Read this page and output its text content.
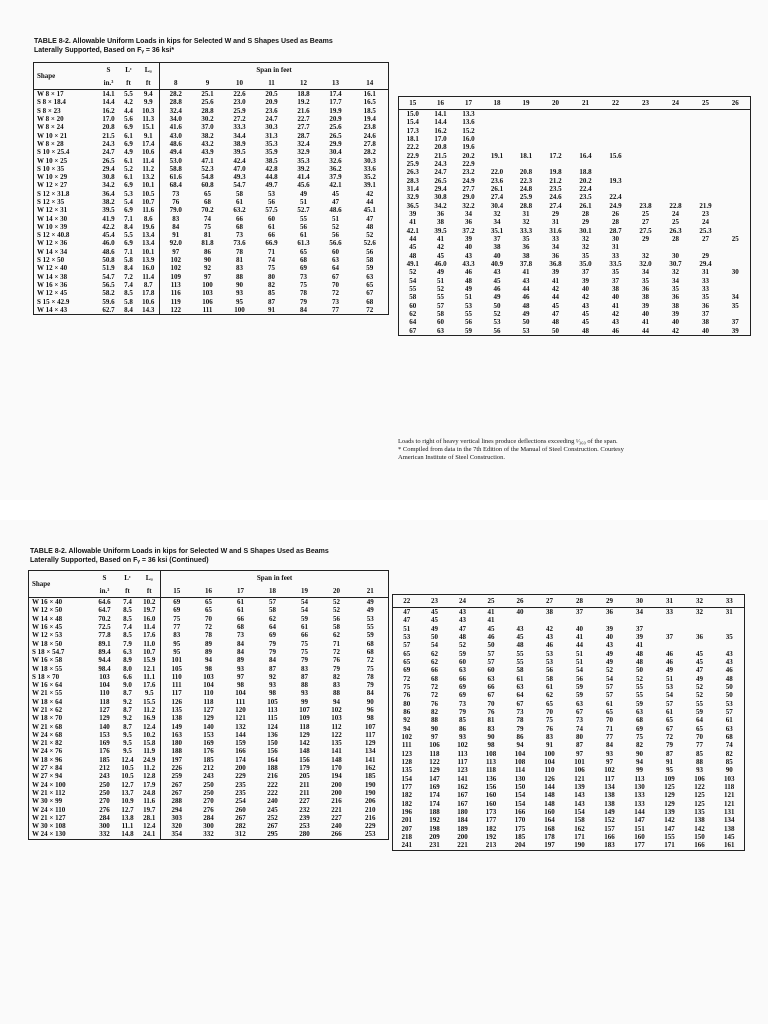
TABLE 8-2. Allowable Uniform Loads in kips for Selected W and S Shapes Used as Beams
Laterally Supported, Based on Fᵧ = 36 ksi*
Shape	S	Lᶜ	Lᵤ	Span in feet						
	in.³	ft	ft	8	9	10	11	12	13	14
W 8 × 17	14.1	5.5	9.4	28.2	25.1	22.6	20.5	18.8	17.4	16.1
S 8 × 18.4	14.4	4.2	9.9	28.8	25.6	23.0	20.9	19.2	17.7	16.5
S 8 × 23	16.2	4.4	10.3	32.4	28.8	25.9	23.6	21.6	19.9	18.5
W 8 × 20	17.0	5.6	11.3	34.0	30.2	27.2	24.7	22.7	20.9	19.4
W 8 × 24	20.8	6.9	15.1	41.6	37.0	33.3	30.3	27.7	25.6	23.8
W 10 × 21	21.5	6.1	9.1	43.0	38.2	34.4	31.3	28.7	26.5	24.6
W 8 × 28	24.3	6.9	17.4	48.6	43.2	38.9	35.3	32.4	29.9	27.8
S 10 × 25.4	24.7	4.9	10.6	49.4	43.9	39.5	35.9	32.9	30.4	28.2
W 10 × 25	26.5	6.1	11.4	53.0	47.1	42.4	38.5	35.3	32.6	30.3
S 10 × 35	29.4	5.2	11.2	58.8	52.3	47.0	42.8	39.2	36.2	33.6
W 10 × 29	30.8	6.1	13.2	61.6	54.8	49.3	44.8	41.4	37.9	35.2
W 12 × 27	34.2	6.9	10.1	68.4	60.8	54.7	49.7	45.6	42.1	39.1
S 12 × 31.8	36.4	5.3	10.5	73	65	58	53	49	45	42
S 12 × 35	38.2	5.4	10.7	76	68	61	56	51	47	44
W 12 × 31	39.5	6.9	11.6	79.0	70.2	63.2	57.5	52.7	48.6	45.1
W 14 × 30	41.9	7.1	8.6	83	74	66	60	55	51	47
W 10 × 39	42.2	8.4	19.6	84	75	68	61	56	52	48
S 12 × 40.8	45.4	5.5	13.4	91	81	73	66	61	56	52
W 12 × 36	46.0	6.9	13.4	92.0	81.8	73.6	66.9	61.3	56.6	52.6
W 14 × 34	48.6	7.1	10.1	97	86	78	71	65	60	56
S 12 × 50	50.8	5.8	13.9	102	90	81	74	68	63	58
W 12 × 40	51.9	8.4	16.0	102	92	83	75	69	64	59
W 14 × 38	54.7	7.2	11.4	109	97	88	80	73	67	63
W 16 × 36	56.5	7.4	8.7	113	100	90	82	75	70	65
W 12 × 45	58.2	8.5	17.8	116	103	93	85	78	72	67
S 15 × 42.9	59.6	5.8	10.6	119	106	95	87	79	73	68
W 14 × 43	62.7	8.4	14.3	122	111	100	91	84	77	72
15	16	17	18	19	20	21	22	23	24	25	26
15.0	14.1	13.3									
15.4	14.4	13.6									
17.3	16.2	15.2									
18.1	17.0	16.0									
22.2	20.8	19.6									
22.9	21.5	20.2	19.1	18.1	17.2	16.4	15.6				
25.9	24.3	22.9									
26.3	24.7	23.2	22.0	20.8	19.8	18.8					
28.3	26.5	24.9	23.6	22.3	21.2	20.2	19.3				
31.4	29.4	27.7	26.1	24.8	23.5	22.4					
32.9	30.8	29.0	27.4	25.9	24.6	23.5	22.4				
36.5	34.2	32.2	30.4	28.8	27.4	26.1	24.9	23.8	22.8	21.9	
39	36	34	32	31	29	28	26	25	24	23	
41	38	36	34	32	31	29	28	27	25	24	
42.1	39.5	37.2	35.1	33.3	31.6	30.1	28.7	27.5	26.3	25.3	
44	41	39	37	35	33	32	30	29	28	27	25
45	42	40	38	36	34	32	31				
48	45	43	40	38	36	35	33	32	30	29	
49.1	46.0	43.3	40.9	37.8	36.8	35.0	33.5	32.0	30.7	29.4	
52	49	46	43	41	39	37	35	34	32	31	30
54	51	48	45	43	41	39	37	35	34	33	
55	52	49	46	44	42	40	38	36	35	33	
58	55	51	49	46	44	42	40	38	36	35	34
60	57	53	50	48	45	43	41	39	38	36	35
62	58	55	52	49	47	45	42	40	39	37	
64	60	56	53	50	48	45	43	41	40	38	37
67	63	59	56	53	50	48	46	44	42	40	39
Loads to right of heavy vertical lines produce deflections exceeding ¹⁄₃₆₀ of the span.
* Compiled from data in the 7th Edition of the Manual of Steel Construction. Courtesy
American Institute of Steel Construction.
TABLE 8-2. Allowable Uniform Loads in kips for Selected W and S Shapes Used as Beams
Laterally Supported, Based on Fᵧ = 36 ksi (Continued)
Shape	S	Lᶜ	Lᵤ	Span in feet						
	in.³	ft	ft	15	16	17	18	19	20	21
W 16 × 40	64.6	7.4	10.2	69	65	61	57	54	52	49
W 12 × 50	64.7	8.5	19.7	69	65	61	58	54	52	49
W 14 × 48	70.2	8.5	16.0	75	70	66	62	59	56	53
W 16 × 45	72.5	7.4	11.4	77	72	68	64	61	58	55
W 12 × 53	77.8	8.5	17.6	83	78	73	69	66	62	59
W 18 × 50	89.1	7.9	11.0	95	89	84	79	75	71	68
S 18 × 54.7	89.4	6.3	10.7	95	89	84	79	75	72	68
W 16 × 58	94.4	8.9	15.9	101	94	89	84	79	76	72
W 18 × 55	98.4	8.0	12.1	105	98	93	87	83	79	75
S 18 × 70	103	6.6	11.1	110	103	97	92	87	82	78
W 16 × 64	104	9.0	17.6	111	104	98	93	88	83	79
W 21 × 55	110	8.7	9.5	117	110	104	98	93	88	84
W 18 × 64	118	9.2	15.5	126	118	111	105	99	94	90
W 21 × 62	127	8.7	11.2	135	127	120	113	107	102	96
W 18 × 70	129	9.2	16.9	138	129	121	115	109	103	98
W 21 × 68	140	8.7	12.4	149	140	132	124	118	112	107
W 24 × 68	153	9.5	10.2	163	153	144	136	129	122	117
W 21 × 82	169	9.5	15.8	180	169	159	150	142	135	129
W 24 × 76	176	9.5	11.9	188	176	166	156	148	141	134
W 18 × 96	185	12.4	24.9	197	185	174	164	156	148	141
W 27 × 84	212	10.5	11.2	226	212	200	188	179	170	162
W 27 × 94	243	10.5	12.8	259	243	229	216	205	194	185
W 24 × 100	250	12.7	17.9	267	250	235	222	211	200	190
W 21 × 112	250	13.7	24.8	267	250	235	222	211	200	190
W 30 × 99	270	10.9	11.6	288	270	254	240	227	216	206
W 24 × 110	276	12.7	19.7	294	276	260	245	232	221	210
W 21 × 127	284	13.8	28.1	303	284	267	252	239	227	216
W 30 × 108	300	11.1	12.4	320	300	282	267	253	240	229
W 24 × 130	332	14.8	24.1	354	332	312	295	280	266	253
22	23	24	25	26	27	28	29	30	31	32	33
47	45	43	41	40	38	37	36	34	33	32	31
47	45	43	41								
51	49	47	45	43	42	40	39	37			
53	50	48	46	45	43	41	40	39	37	36	35
57	54	52	50	48	46	44	43	41			
65	62	59	57	55	53	51	49	48	46	45	43
65	62	60	57	55	53	51	49	48	46	45	43
69	66	63	60	58	56	54	52	50	49	47	46
72	68	66	63	61	58	56	54	52	51	49	48
75	72	69	66	63	61	59	57	55	53	52	50
76	72	69	67	64	62	59	57	55	54	52	50
80	76	73	70	67	65	63	61	59	57	55	53
86	82	79	76	73	70	67	65	63	61	59	57
92	88	85	81	78	75	73	70	68	65	64	61
94	90	86	83	79	76	74	71	69	67	65	63
102	97	93	90	86	83	80	77	75	72	70	68
111	106	102	98	94	91	87	84	82	79	77	74
123	118	113	108	104	100	97	93	90	87	85	82
128	122	117	113	108	104	101	97	94	91	88	85
135	129	123	118	114	110	106	102	99	95	93	90
154	147	141	136	130	126	121	117	113	109	106	103
177	169	162	156	150	144	139	134	130	125	122	118
182	174	167	160	154	148	143	138	133	129	125	121
182	174	167	160	154	148	143	138	133	129	125	121
196	188	180	173	166	160	154	149	144	139	135	131
201	192	184	177	170	164	158	152	147	142	138	134
207	198	189	182	175	168	162	157	151	147	142	138
218	209	200	192	185	178	171	166	160	155	150	145
241	231	221	213	204	197	190	183	177	171	166	161
